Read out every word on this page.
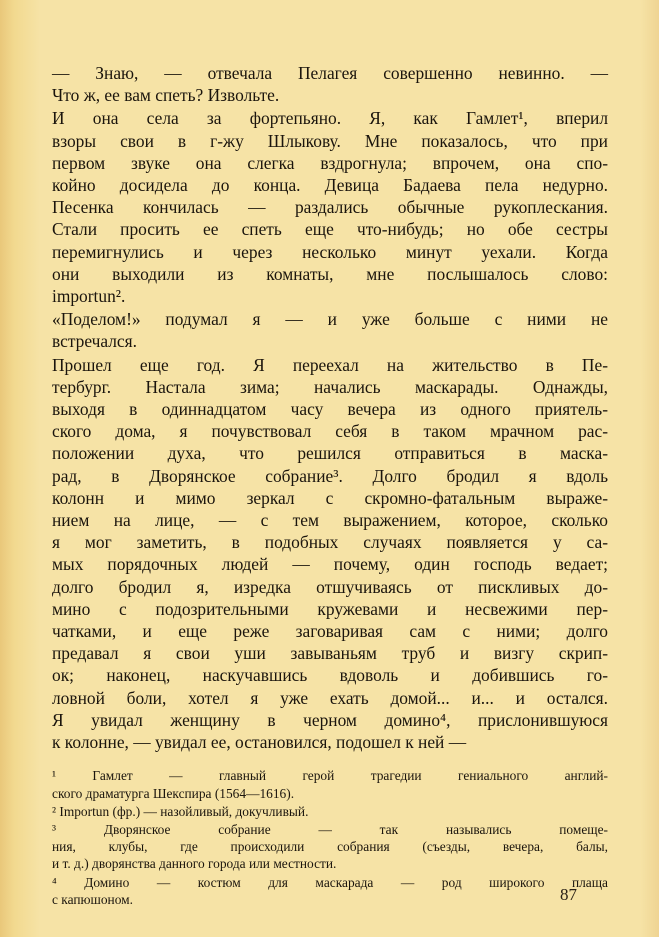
— Знаю, — отвечала Пелагея совершенно невинно. —
Что ж, ее вам спеть? Извольте.
И она села за фортепьяно. Я, как Гамлет¹, вперил
взоры свои в г-жу Шлыкову. Мне показалось, что при
первом звуке она слегка вздрогнула; впрочем, она спо-
койно досидела до конца. Девица Бадаева пела недурно.
Песенка кончилась — раздались обычные рукоплескания.
Стали просить ее спеть еще что-нибудь; но обе сестры
перемигнулись и через несколько минут уехали. Когда
они выходили из комнаты, мне послышалось слово:
importun².
«Поделом!» подумал я — и уже больше с ними не
встречался.
Прошел еще год. Я переехал на жительство в Пе-
тербург. Настала зима; начались маскарады. Однажды,
выходя в одиннадцатом часу вечера из одного приятель-
ского дома, я почувствовал себя в таком мрачном рас-
положении духа, что решился отправиться в маска-
рад, в Дворянское собрание³. Долго бродил я вдоль
колонн и мимо зеркал с скромно-фатальным выраже-
нием на лице, — с тем выражением, которое, сколько
я мог заметить, в подобных случаях появляется у са-
мых порядочных людей — почему, один господь ведает;
долго бродил я, изредка отшучиваясь от пискливых до-
мино с подозрительными кружевами и несвежими пер-
чатками, и еще реже заговаривая сам с ними; долго
предавал я свои уши завываньям труб и визгу скрип-
ок; наконец, наскучавшись вдоволь и добившись го-
ловной боли, хотел я уже ехать домой... и... и остался.
Я увидал женщину в черном домино⁴, прислонившуюся
к колонне, — увидал ее, остановился, подошел к ней —
¹ Гамлет — главный герой трагедии гениального англий-
ского драматурга Шекспира (1564—1616).
² Importun (фр.) — назойливый, докучливый.
³ Дворянское собрание — так назывались помеще-
ния, клубы, где происходили собрания (съезды, вечера, балы,
и т. д.) дворянства данного города или местности.
⁴ Домино — костюм для маскарада — род широкого плаща
с капюшоном.	87
